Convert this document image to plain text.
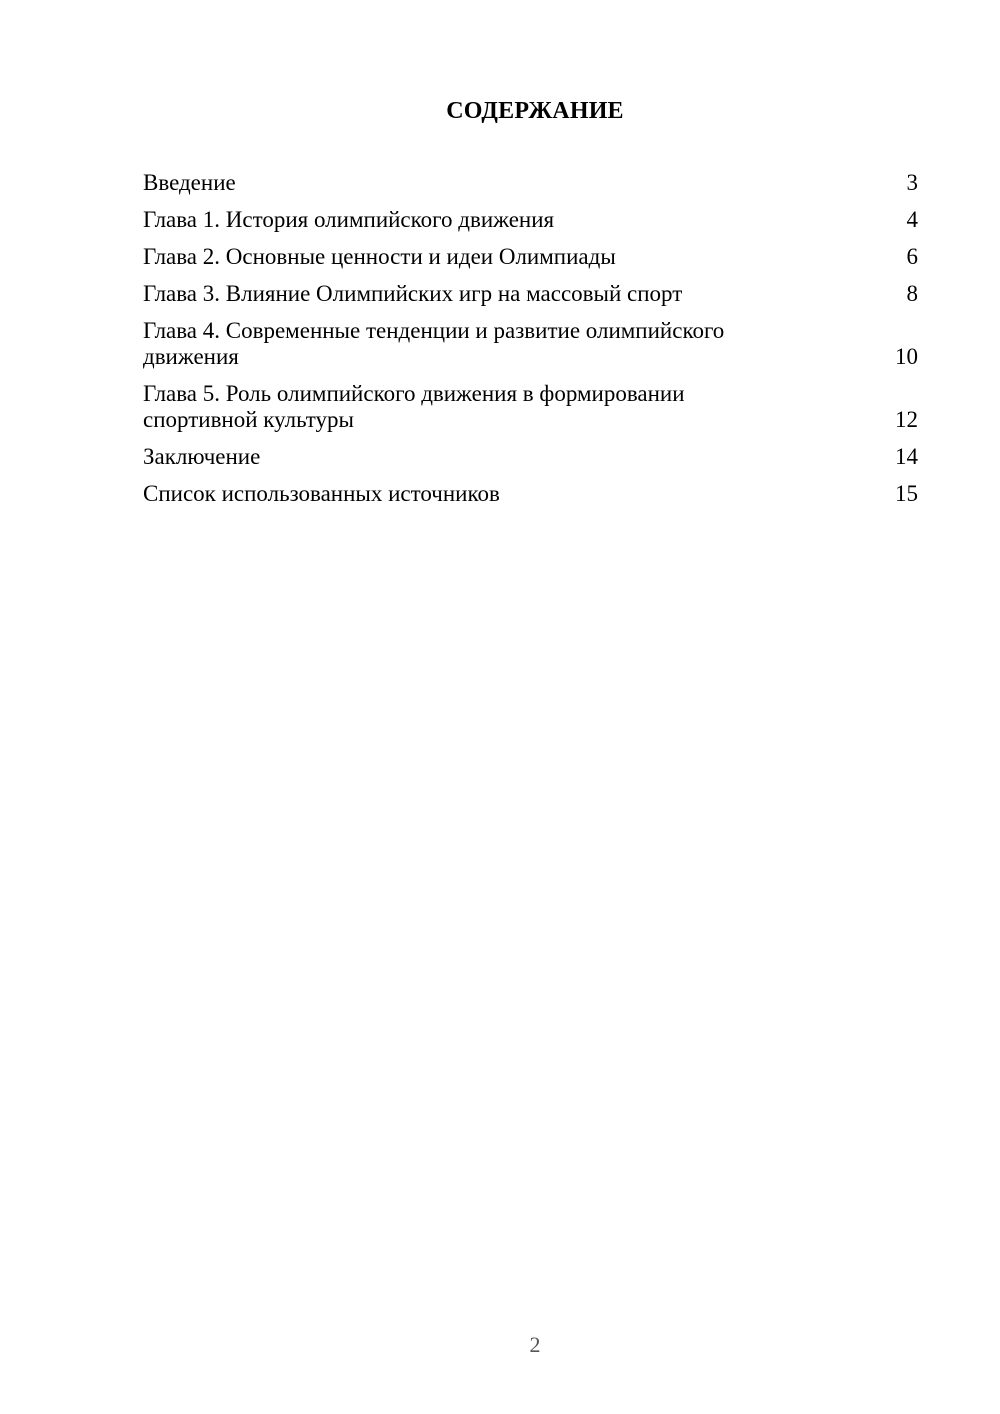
СОДЕРЖАНИЕ
Введение	3
Глава 1. История олимпийского движения	4
Глава 2. Основные ценности и идеи Олимпиады	6
Глава 3. Влияние Олимпийских игр на массовый спорт	8
Глава 4. Современные тенденции и развитие олимпийского движения	10
Глава 5. Роль олимпийского движения в формировании спортивной культуры	12
Заключение	14
Список использованных источников	15
2
